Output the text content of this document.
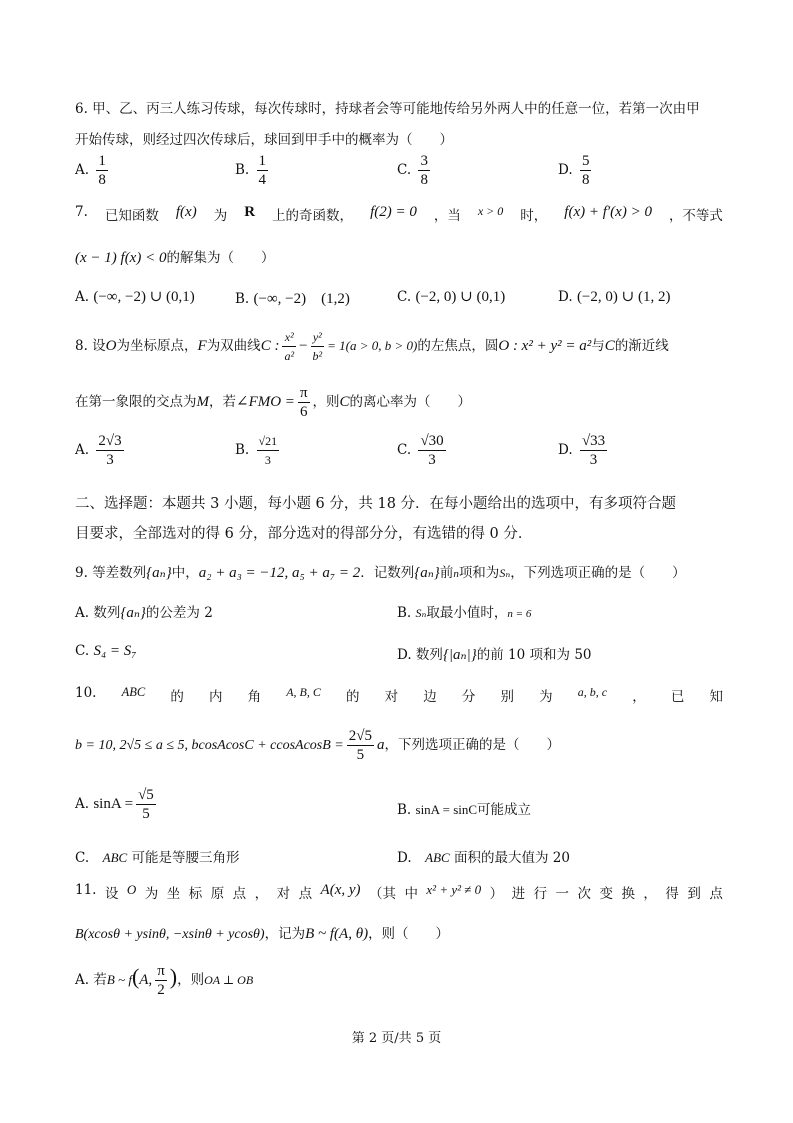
6. 甲、乙、丙三人练习传球，每次传球时，持球者会等可能地传给另外两人中的任意一位，若第一次由甲
开始传球，则经过四次传球后，球回到甲手中的概率为（　　）
A. $\frac{1}{8}$	B. $\frac{1}{4}$	C. $\frac{3}{8}$	D. $\frac{5}{8}$
7. 已知函数 f(x) 为 R 上的奇函数， f(2) = 0 ，当 x > 0 时， f(x) + f′(x) > 0 ，不等式
(x − 1) f(x) < 0的解集为（　　）
A. (−∞, −2) ∪ (0,1)	B. (−∞, −2)　(1,2)	C. (−2, 0) ∪ (0,1)	D. (−2, 0) ∪ (1, 2)
8. 设O为坐标原点，F为双曲线C : $\frac{\text{x²}}{\text{a²}} - \frac{\text{y²}}{\text{b²}} = 1(a > 0$, b > 0)的左焦点，圆O : x² + y² = a²与C的渐近线
在第一象限的交点为M，若∠FMO = $\frac{\pi}{6}$ ，则C的离心率为（　　）
A. $\frac{2√3}{3}$	B. $\frac{√21}{3}$	C. $\frac{√30}{3}$	D. $\frac{√33}{3}$
二、选择题：本题共 3 小题，每小题 6 分，共 18 分．在每小题给出的选项中，有多项符合题
目要求，全部选对的得 6 分，部分选对的得部分分，有选错的得 0 分．
9. 等差数列{aₙ}中，a₂ + a₃ = −12, a₅ + a₇ = 2．记数列{aₙ}前n项和为Sₙ，下列选项正确的是（　　）
A. 数列{aₙ}的公差为 2	B. Sₙ取最小值时，n = 6
C. S₄ = S₇	D. 数列{|aₙ|}的前 10 项和为 50
10. ABC 的 内 角 A, B, C 的 对 边 分 别 为 a, b, c ， 已 知
b = 10, 2√5 ≤ a ≤ 5, bcosAcosC + ccosAcosB = $\frac{2√5}{5}$ a，下列选项正确的是（　　）
A. $\sin A = \frac{√5}{5}$	B. sinA = sinC可能成立
C.　 ABC 可能是等腰三角形	D.　 ABC 面积的最大值为 20
11. 设 O 为 坐 标 原 点 ， 对 点 A(x, y) （其 中 x² + y² ≠ 0 ） 进 行 一 次 变 换 ， 得 到 点
B(xcosθ + ysinθ, −xsinθ + ycosθ)，记为B ~ f(A, θ)，则（　　）
A. 若B ~ f(A, $\frac{\pi}{2}$ )，则OA ⊥ OB
第 2 页/共 5 页
